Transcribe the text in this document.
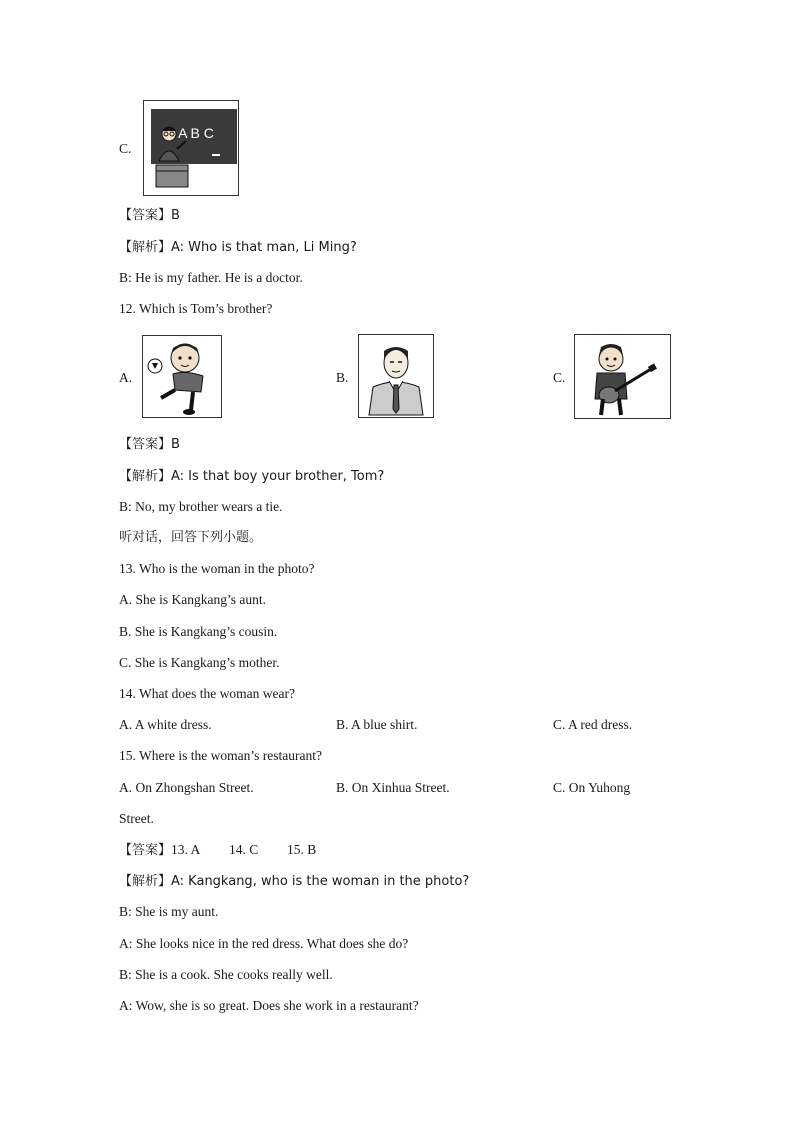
C.
A B C
【答案】B
【解析】A: Who is that man, Li Ming?
B: He is my father. He is a doctor.
12. Which is Tom’s brother?
A.	B.	C.
【答案】B
【解析】A: Is that boy your brother, Tom?
B: No, my brother wears a tie.
听对话，回答下列小题。
13. Who is the woman in the photo?
A. She is Kangkang’s aunt.
B. She is Kangkang’s cousin.
C. She is Kangkang’s mother.
14. What does the woman wear?
A. A white dress.	B. A blue shirt.	C. A red dress.
15. Where is the woman’s restaurant?
A. On Zhongshan Street.	B. On Xinhua Street.	C. On Yuhong
Street.
【答案】13. A 14. C 15. B
【解析】A: Kangkang, who is the woman in the photo?
B: She is my aunt.
A: She looks nice in the red dress. What does she do?
B: She is a cook. She cooks really well.
A: Wow, she is so great. Does she work in a restaurant?
